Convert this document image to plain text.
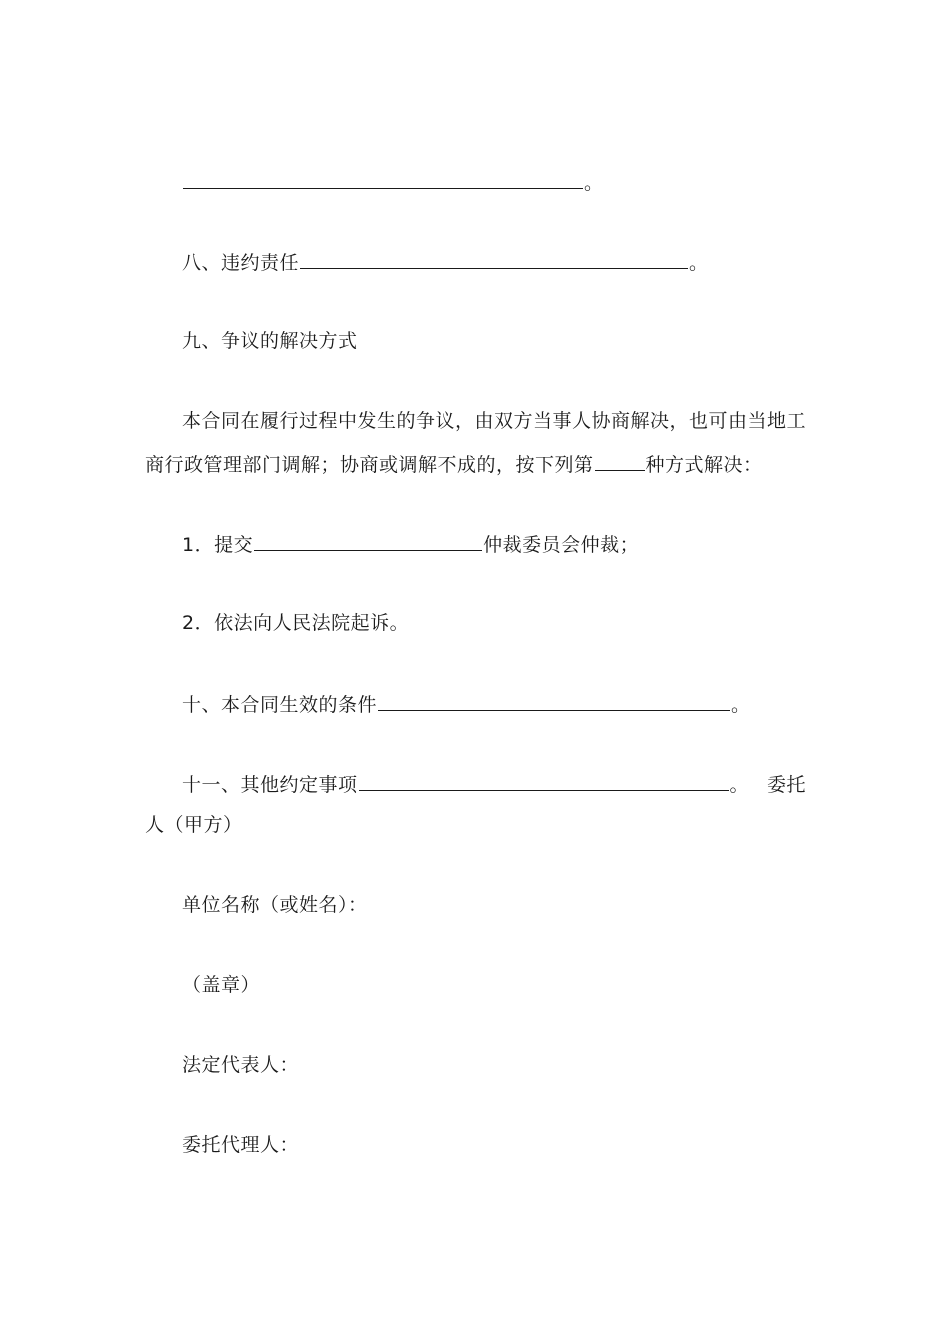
。
八、违约责任	。
九、争议的解决方式
本合同在履行过程中发生的争议，由双方当事人协商解决，也可由当地工
商行政管理部门调解；协商或调解不成的，按下列第	种方式解决：
1．提交	仲裁委员会仲裁；
2．依法向人民法院起诉。
十、本合同生效的条件	。
十一、其他约定事项	。 委托
人（甲方）
单位名称（或姓名）：
（盖章）
法定代表人：
委托代理人：
